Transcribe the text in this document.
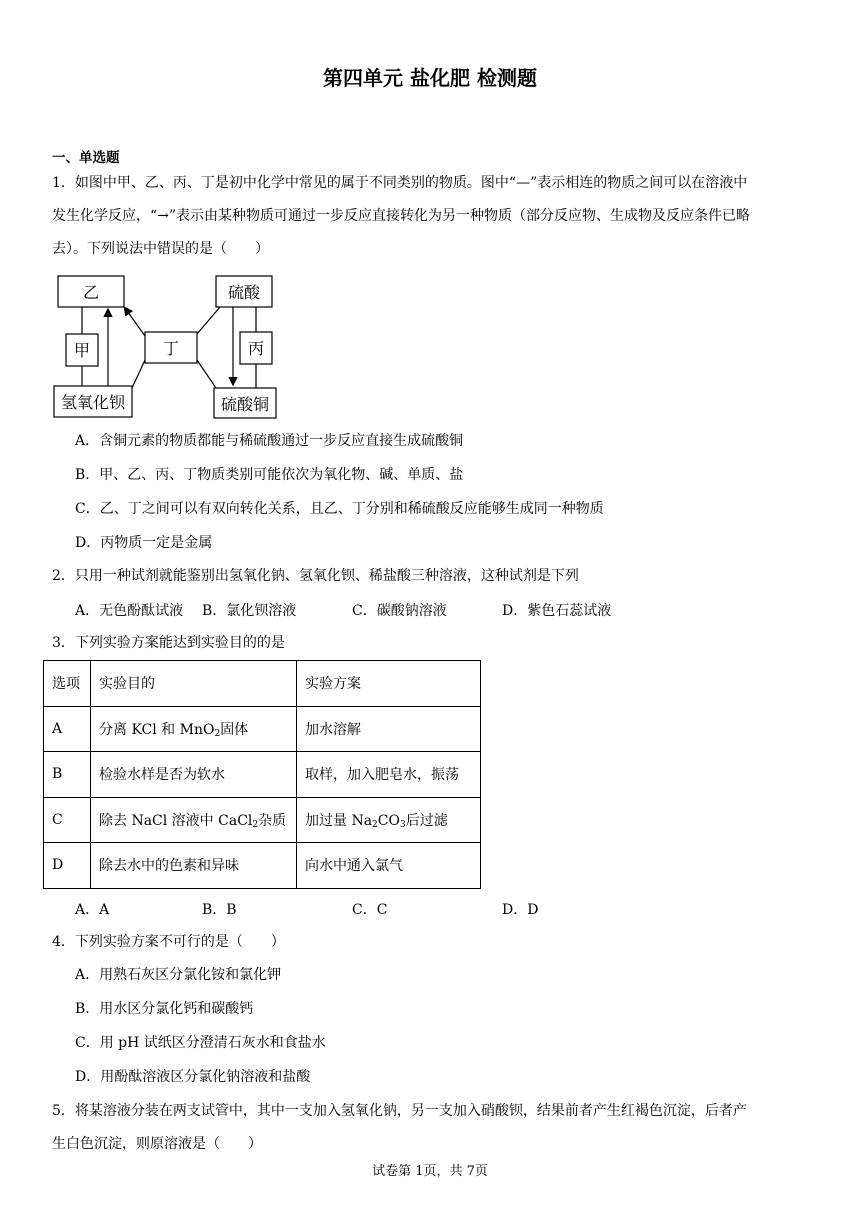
第四单元 盐化肥 检测题
一、单选题
1．如图中甲、乙、丙、丁是初中化学中常见的属于不同类别的物质。图中“—”表示相连的物质之间可以在溶液中
发生化学反应，“→”表示由某种物质可通过一步反应直接转化为另一种物质（部分反应物、生成物及反应条件已略
去）。下列说法中错误的是（　　）
乙
甲	丁
硫酸
丙
氢氧化钡	硫酸铜
A．含铜元素的物质都能与稀硫酸通过一步反应直接生成硫酸铜
B．甲、乙、丙、丁物质类别可能依次为氧化物、碱、单质、盐
C．乙、丁之间可以有双向转化关系，且乙、丁分别和稀硫酸反应能够生成同一种物质
D．丙物质一定是金属
2．只用一种试剂就能鉴别出氢氧化钠、氢氧化钡、稀盐酸三种溶液，这种试剂是下列
A．无色酚酞试液 B．氯化钡溶液	C．碳酸钠溶液	D．紫色石蕊试液
3．下列实验方案能达到实验目的的是
选项	实验目的	实验方案
A	分离 KCl 和 MnO$_2$固体	加水溶解
B	检验水样是否为软水	取样，加入肥皂水，振荡
C	除去 NaCl 溶液中 CaCl$_2$杂质	加过量 $Na_2CO_3$后过滤
D	除去水中的色素和异味	向水中通入氯气
A．A	B．B	C．C	D．D
4．下列实验方案不可行的是（　　）
A．用熟石灰区分氯化铵和氯化钾
B．用水区分氯化钙和碳酸钙
C．用 pH 试纸区分澄清石灰水和食盐水
D．用酚酞溶液区分氯化钠溶液和盐酸
5．将某溶液分装在两支试管中，其中一支加入氢氧化钠，另一支加入硝酸钡，结果前者产生红褐色沉淀，后者产
生白色沉淀，则原溶液是（　　）
试卷第 1页，共 7页
